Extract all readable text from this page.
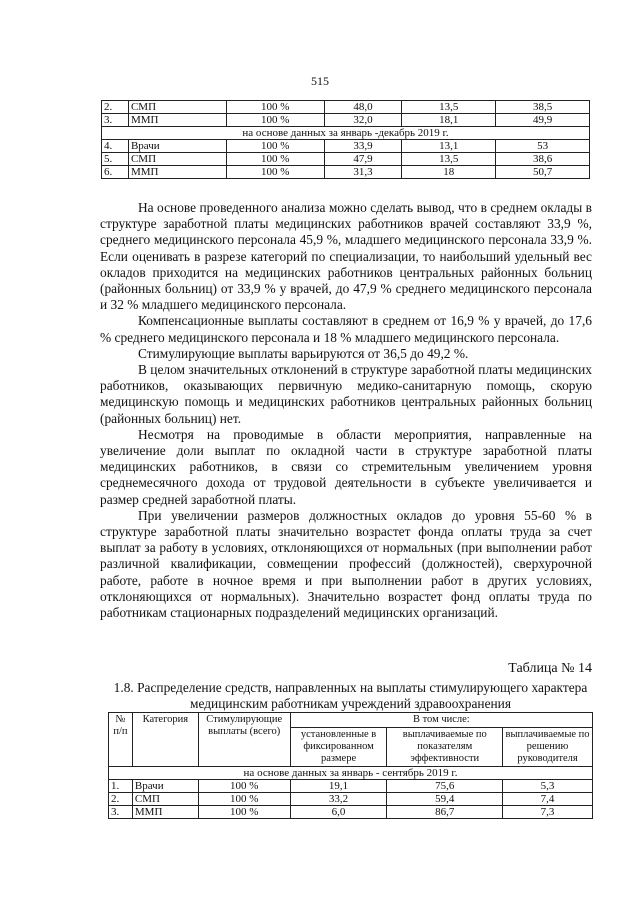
515
2.	СМП	100 %	48,0	13,5	38,5
3.	ММП	100 %	32,0	18,1	49,9
на основе данных за январь -декабрь 2019 г.					
4.	Врачи	100 %	33,9	13,1	53
5.	СМП	100 %	47,9	13,5	38,6
6.	ММП	100 %	31,3	18	50,7

На основе проведенного анализа можно сделать вывод, что в среднем оклады в структуре заработной платы медицинских работников врачей составляют 33,9 %, среднего медицинского персонала 45,9 %, младшего медицинского персонала 33,9 %. Если оценивать в разрезе категорий по специализации, то наибольший удельный вес окладов приходится на медицинских работников центральных районных больниц (районных больниц) от 33,9 % у врачей, до 47,9 % среднего медицинского персонала и 32 % младшего медицинского персонала.

Компенсационные выплаты составляют в среднем от 16,9 % у врачей, до 17,6 % среднего медицинского персонала и 18 % младшего медицинского персонала.

Стимулирующие выплаты варьируются от 36,5 до 49,2 %.

В целом значительных отклонений в структуре заработной платы медицинских работников, оказывающих первичную медико-санитарную помощь, скорую медицинскую помощь и медицинских работников центральных районных больниц (районных больниц) нет.

Несмотря на проводимые в области мероприятия, направленные на увеличение доли выплат по окладной части в структуре заработной платы медицинских работников, в связи со стремительным увеличением уровня среднемесячного дохода от трудовой деятельности в субъекте увеличивается и размер средней заработной платы.

При увеличении размеров должностных окладов до уровня 55-60 % в структуре заработной платы значительно возрастет фонда оплаты труда за счет выплат за работу в условиях, отклоняющихся от нормальных (при выполнении работ различной квалификации, совмещении профессий (должностей), сверхурочной работе, работе в ночное время и при выполнении работ в других условиях, отклоняющихся от нормальных). Значительно возрастет фонд оплаты труда по работникам стационарных подразделений медицинских организаций.

Таблица № 14
1.8. Распределение средств, направленных на выплаты стимулирующего характера медицинским работникам учреждений здравоохранения
№ п/п	Категория	Стимулирующие выплаты (всего)	В том числе:		
			установленные в фиксированном размере	выплачиваемые по показателям эффективности	выплачиваемые по решению руководителя
на основе данных за январь - сентябрь 2019 г.					
1.	Врачи	100 %	19,1	75,6	5,3
2.	СМП	100 %	33,2	59,4	7,4
3.	ММП	100 %	6,0	86,7	7,3
